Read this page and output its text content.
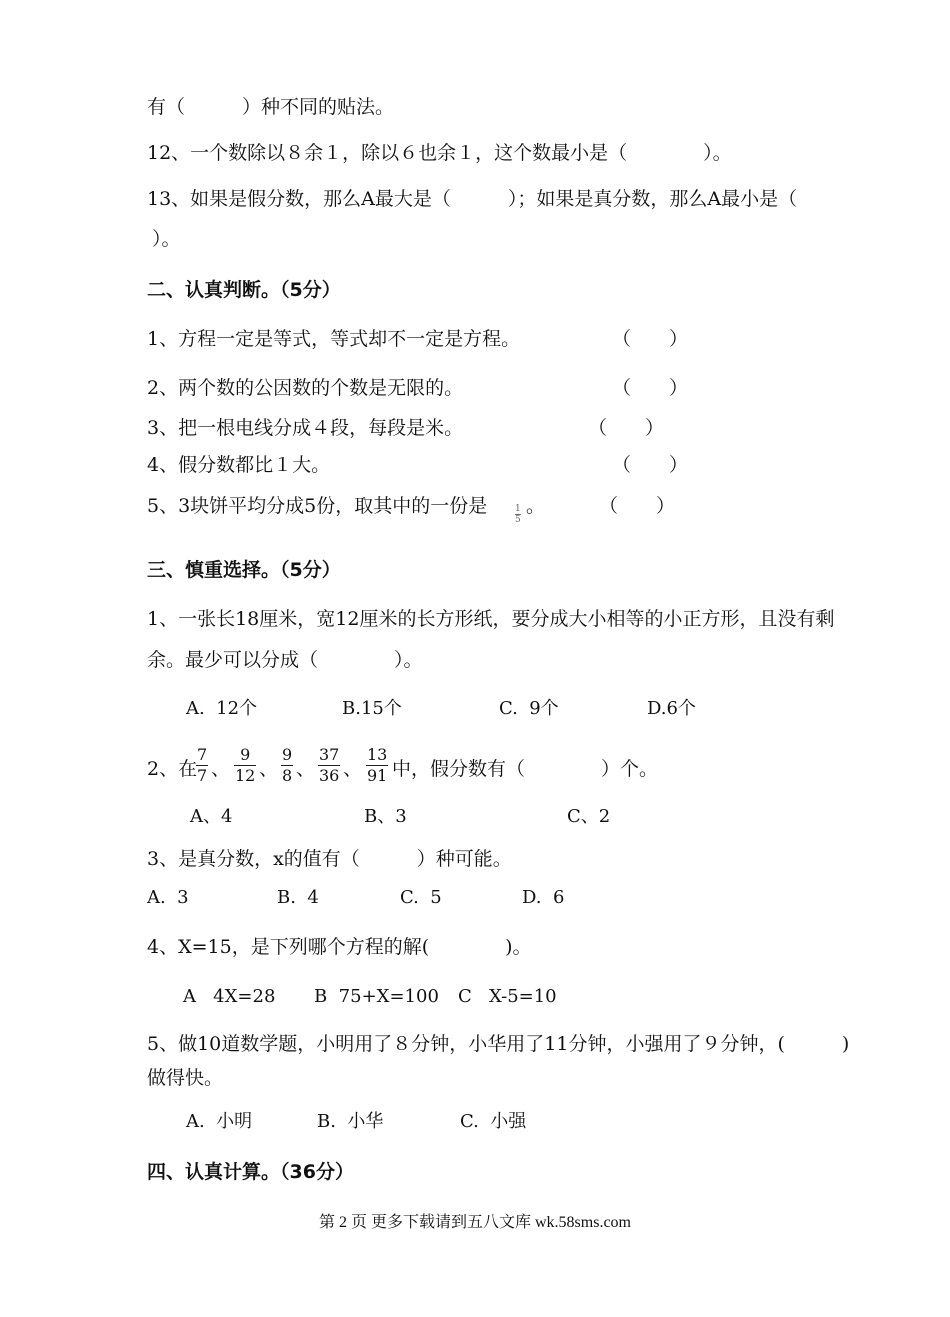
有（　　　）种不同的贴法。
12、一个数除以８余１，除以６也余１，这个数最小是（　　　　）。
13、如果是假分数，那么A最大是（　　　）；如果是真分数，那么A最小是（
）。
二、认真判断。（5分）
1、方程一定是等式，等式却不一定是方程。	（　　）
2、两个数的公因数的个数是无限的。	（　　）
3、把一根电线分成４段，每段是米。	（　　）
4、假分数都比１大。	（　　）
5、3块饼平均分成5份，取其中的一份是	1
5
。	（　　）
三、慎重选择。（5分）
1、一张长18厘米，宽12厘米的长方形纸，要分成大小相等的小正方形，且没有剩
余。最少可以分成（　　　　）。
A.  12个	B.15个	C.  9个	D.6个
2、在
7
7 、
9
12 、
9
8 、
37
36 、
13
91 中，假分数有（　　　　）个。
A、4	B、3	C、2
3、是真分数，x的值有（　　　）种可能。
A.  3	B.  4	C.  5	D.  6
4、X=15，是下列哪个方程的解(　　　　)。
A   4X=28 B  75+X=100 C   X-5=10
5、做10道数学题，小明用了８分钟，小华用了11分钟，小强用了９分钟，(　　　)
做得快。
A.  小明	B.  小华	C.  小强
四、认真计算。（36分）
第 2 页 更多下载请到五八文库 wk.58sms.com
